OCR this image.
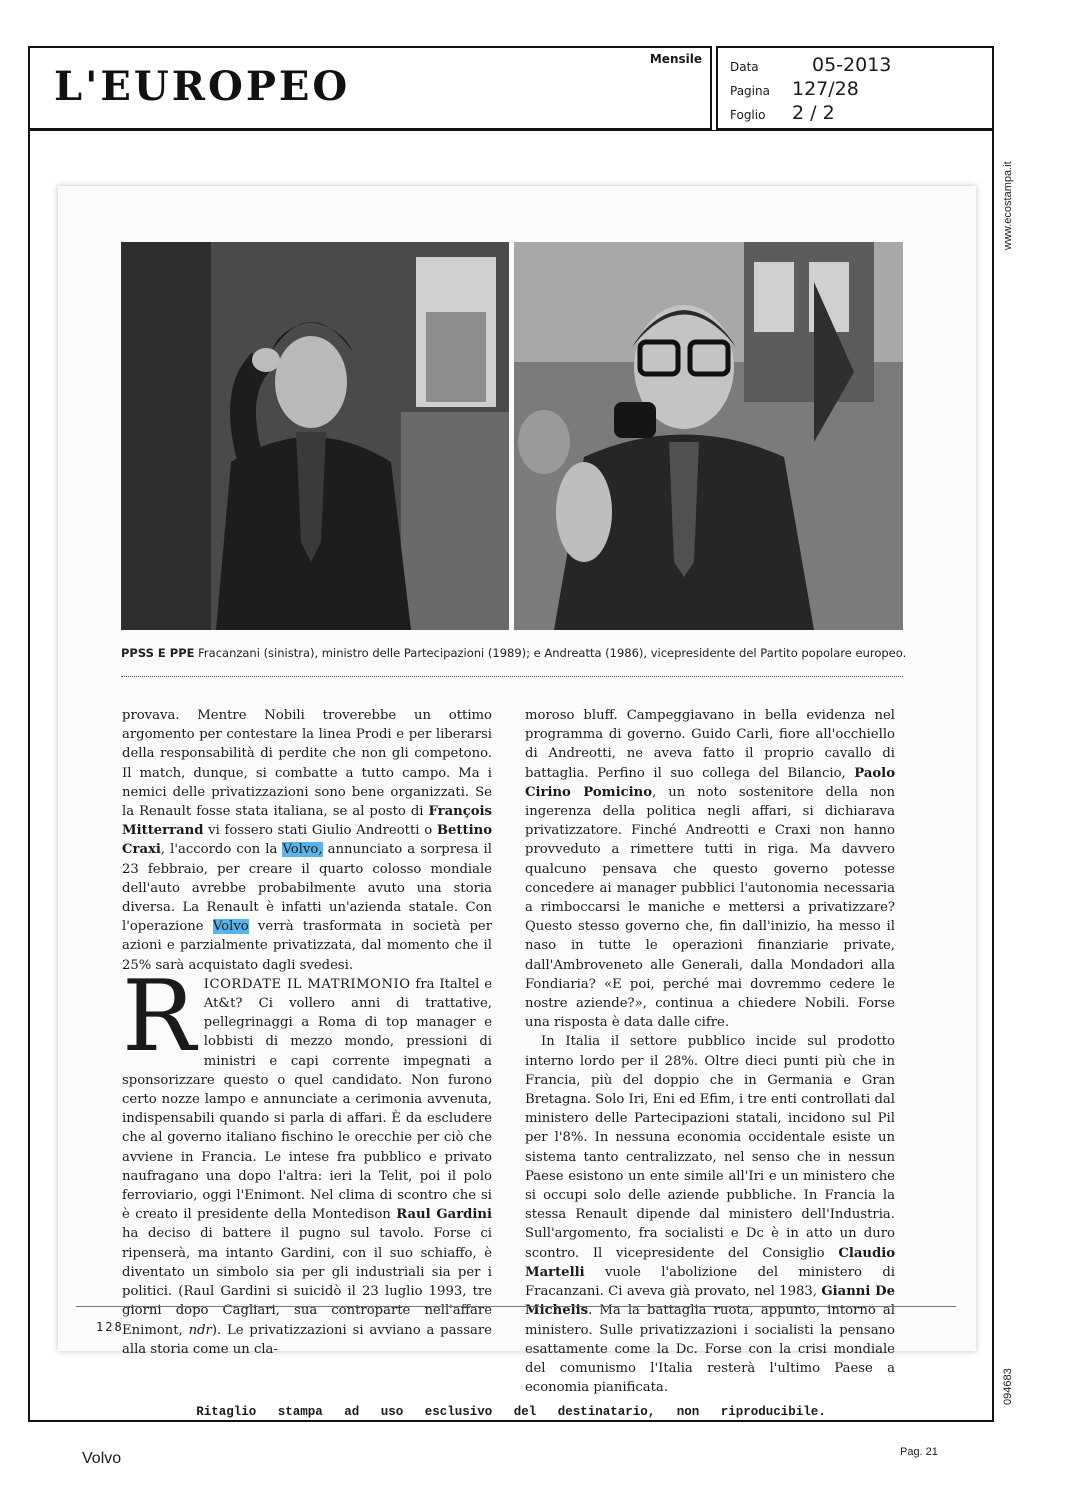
L'EUROPEO
Mensile
Data	05-2013
Pagina 127/28
Foglio 2 / 2
Ritaglio stampa ad uso esclusivo del destinatario, non riproducibile.
www.ecostampa.it
094683
PPSS E PPE Fracanzani (sinistra), ministro delle Partecipazioni (1989); e Andreatta (1986), vicepresidente del Partito popolare europeo.

provava. Mentre Nobili troverebbe un ottimo argomento per contestare la linea Prodi e per liberarsi della responsabilità di perdite che non gli competono. Il match, dunque, si combatte a tutto campo. Ma i nemici delle privatizzazioni sono bene organizzati. Se la Renault fosse stata italiana, se al posto di François Mitterrand vi fossero stati Giulio Andreotti o Bettino Craxi, l'accordo con la Volvo, annunciato a sorpresa il 23 febbraio, per creare il quarto colosso mondiale dell'auto avrebbe probabilmente avuto una storia diversa. La Renault è infatti un'azienda statale. Con l'operazione Volvo verrà trasformata in società per azioni e parzialmente privatizzata, dal momento che il 25% sarà acquistato dagli svedesi.

RICORDATE IL MATRIMONIO fra Italtel e At&t? Ci vollero anni di trattative, pellegrinaggi a Roma di top manager e lobbisti di mezzo mondo, pressioni di ministri e capi corrente impegnati a sponsorizzare questo o quel candidato. Non furono certo nozze lampo e annunciate a cerimonia avvenuta, indispensabili quando si parla di affari. È da escludere che al governo italiano fischino le orecchie per ciò che avviene in Francia. Le intese fra pubblico e privato naufragano una dopo l'altra: ieri la Telit, poi il polo ferroviario, oggi l'Enimont. Nel clima di scontro che si è creato il presidente della Montedison Raul Gardini ha deciso di battere il pugno sul tavolo. Forse ci ripenserà, ma intanto Gardini, con il suo schiaffo, è diventato un simbolo sia per gli industriali sia per i politici. (Raul Gardini si suicidò il 23 luglio 1993, tre giorni dopo Cagliari, sua controparte nell'affare Enimont, ndr). Le privatizzazioni si avviano a passare alla storia come un cla-

moroso bluff. Campeggiavano in bella evidenza nel programma di governo. Guido Carli, fiore all'occhiello di Andreotti, ne aveva fatto il proprio cavallo di battaglia. Perfino il suo collega del Bilancio, Paolo Cirino Pomicino, un noto sostenitore della non ingerenza della politica negli affari, si dichiarava privatizzatore. Finché Andreotti e Craxi non hanno provveduto a rimettere tutti in riga. Ma davvero qualcuno pensava che questo governo potesse concedere ai manager pubblici l'autonomia necessaria a rimboccarsi le maniche e mettersi a privatizzare? Questo stesso governo che, fin dall'inizio, ha messo il naso in tutte le operazioni finanziarie private, dall'Ambroveneto alle Generali, dalla Mondadori alla Fondiaria? «E poi, perché mai dovremmo cedere le nostre aziende?», continua a chiedere Nobili. Forse una risposta è data dalle cifre.

In Italia il settore pubblico incide sul prodotto interno lordo per il 28%. Oltre dieci punti più che in Francia, più del doppio che in Germania e Gran Bretagna. Solo Iri, Eni ed Efim, i tre enti controllati dal ministero delle Partecipazioni statali, incidono sul Pil per l'8%. In nessuna economia occidentale esiste un sistema tanto centralizzato, nel senso che in nessun Paese esistono un ente simile all'Iri e un ministero che si occupi solo delle aziende pubbliche. In Francia la stessa Renault dipende dal ministero dell'Industria. Sull'argomento, fra socialisti e Dc è in atto un duro scontro. Il vicepresidente del Consiglio Claudio Martelli vuole l'abolizione del ministero di Fracanzani. Ci aveva già provato, nel 1983, Gianni De Michelis. Ma la battaglia ruota, appunto, intorno al ministero. Sulle privatizzazioni i socialisti la pensano esattamente come la Dc. Forse con la crisi mondiale del comunismo l'Italia resterà l'ultimo Paese a economia pianificata.

128
Volvo	Pag. 21
